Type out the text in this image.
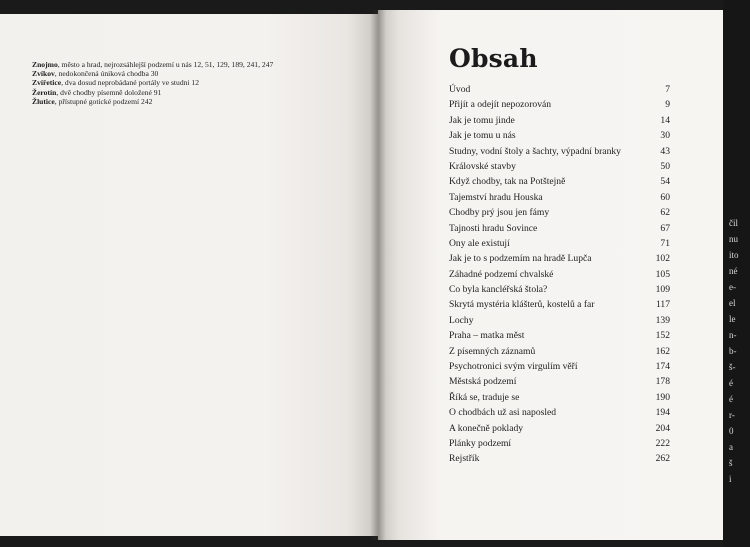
čil
nu
ito
né
e-
el
le
n-
b-
š-
é
é
r-
0
a
š
i

Znojmo, město a hrad, nejrozsáhlejší podzemí u nás 12, 51, 129, 189, 241, 247

Zvíkov, nedokončená úniková chodba 30

Zvířetice, dva dosud neprobádané portály ve studni 12

Žerotín, dvě chodby písemně doložené 91

Žlutice, přístupné gotické podzemí 242

Obsah
Úvod	7
Přijít a odejít nepozorován	9
Jak je tomu jinde	14
Jak je tomu u nás	30
Studny, vodní štoly a šachty, výpadní branky	43
Královské stavby	50
Když chodby, tak na Potštejně	54
Tajemství hradu Houska	60
Chodby prý jsou jen fámy	62
Tajnosti hradu Sovince	67
Ony ale existují	71
Jak je to s podzemím na hradě Lupča	102
Záhadné podzemí chvalské	105
Co byla kancléřská štola?	109
Skrytá mystéria klášterů, kostelů a far	117
Lochy	139
Praha – matka měst	152
Z písemných záznamů	162
Psychotronici svým virgulím věří	174
Městská podzemí	178
Říká se, traduje se	190
O chodbách už asi naposled	194
A konečně poklady	204
Plánky podzemí	222
Rejstřík	262
